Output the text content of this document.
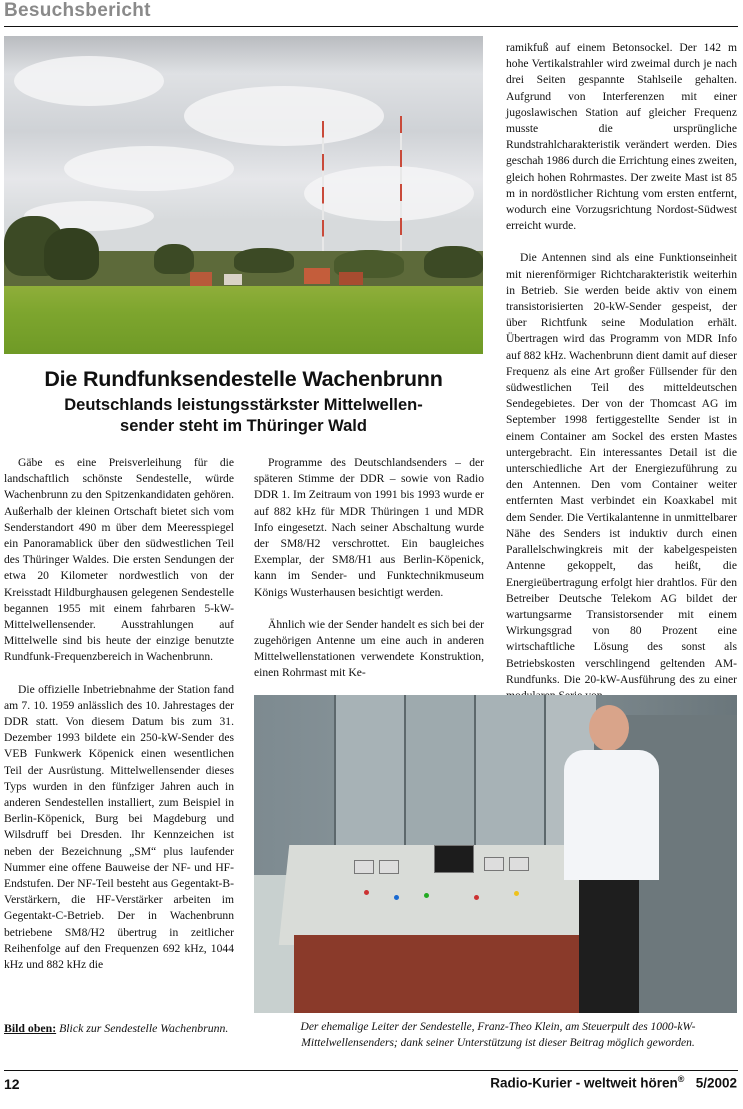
Besuchsbericht
Die Rundfunksendestelle Wachenbrunn
Deutschlands leistungsstärkster Mittelwellen-
sender steht im Thüringer Wald

Gäbe es eine Preisverleihung für die landschaftlich schönste Sendestelle, würde Wachenbrunn zu den Spitzenkandidaten gehören. Außerhalb der kleinen Ortschaft bietet sich vom Senderstandort 490 m über dem Meeresspiegel ein Panoramablick über den südwestlichen Teil des Thüringer Waldes. Die ersten Sendungen der etwa 20 Kilometer nordwestlich von der Kreisstadt Hildburghausen gelegenen Sendestelle begannen 1955 mit einem fahrbaren 5-kW-Mittelwellensender. Ausstrahlungen auf Mittelwelle sind bis heute der einzige benutzte Rundfunk-Frequenzbereich in Wachenbrunn.

Die offizielle Inbetriebnahme der Station fand am 7. 10. 1959 anlässlich des 10. Jahrestages der DDR statt. Von diesem Datum bis zum 31. Dezember 1993 bildete ein 250-kW-Sender des VEB Funkwerk Köpenick einen wesentlichen Teil der Ausrüstung. Mittelwellensender dieses Typs wurden in den fünfziger Jahren auch in anderen Sendestellen installiert, zum Beispiel in Berlin-Köpenick, Burg bei Magdeburg und Wilsdruff bei Dresden. Ihr Kennzeichen ist neben der Bezeichnung „SM“ plus laufender Nummer eine offene Bauweise der NF- und HF-Endstufen. Der NF-Teil besteht aus Gegentakt-B-Verstärkern, die HF-Verstärker arbeiten im Gegentakt-C-Betrieb. Der in Wachenbrunn betriebene SM8/H2 übertrug in zeitlicher Reihenfolge auf den Frequenzen 692 kHz, 1044 kHz und 882 kHz die

Programme des Deutschlandsenders – der späteren Stimme der DDR – sowie von Radio DDR 1. Im Zeitraum von 1991 bis 1993 wurde er auf 882 kHz für MDR Thüringen 1 und MDR Info eingesetzt. Nach seiner Abschaltung wurde der SM8/H2 verschrottet. Ein baugleiches Exemplar, der SM8/H1 aus Berlin-Köpenick, kann im Sender- und Funktechnikmuseum Königs Wusterhausen besichtigt werden.

Ähnlich wie der Sender handelt es sich bei der zugehörigen Antenne um eine auch in anderen Mittelwellenstationen verwendete Konstruktion, einen Rohrmast mit Ke-

ramikfuß auf einem Betonsockel. Der 142 m hohe Vertikalstrahler wird zweimal durch je nach drei Seiten gespannte Stahlseile gehalten. Aufgrund von Interferenzen mit einer jugoslawischen Station auf gleicher Frequenz musste die ursprüngliche Rundstrahlcharakteristik verändert werden. Dies geschah 1986 durch die Errichtung eines zweiten, gleich hohen Rohrmastes. Der zweite Mast ist 85 m in nordöstlicher Richtung vom ersten entfernt, wodurch eine Vorzugsrichtung Nordost-Südwest erreicht wurde.

Die Antennen sind als eine Funktionseinheit mit nierenförmiger Richtcharakteristik weiterhin in Betrieb. Sie werden beide aktiv von einem transistorisierten 20-kW-Sender gespeist, der über Richtfunk seine Modulation erhält. Übertragen wird das Programm von MDR Info auf 882 kHz. Wachenbrunn dient damit auf dieser Frequenz als eine Art großer Füllsender für den südwestlichen Teil des mitteldeutschen Sendegebietes. Der von der Thomcast AG im September 1998 fertiggestellte Sender ist in einem Container am Sockel des ersten Mastes untergebracht. Ein interessantes Detail ist die unterschiedliche Art der Energiezuführung zu den Antennen. Den vom Container weiter entfernten Mast verbindet ein Koaxkabel mit dem Sender. Die Vertikalantenne in unmittelbarer Nähe des Senders ist induktiv durch einen Parallelschwingkreis mit der kabelgespeisten Antenne gekoppelt, das heißt, die Energieübertragung erfolgt hier drahtlos. Für den Betreiber Deutsche Telekom AG bildet der wartungsarme Transistorsender mit einem Wirkungsgrad von 80 Prozent eine wirtschaftliche Lösung des sonst als Betriebskosten verschlingend geltenden AM-Rundfunks. Die 20-kW-Ausführung des zu einer

Bild oben: Blick zur Sendestelle Wachenbrunn.	Der ehemalige Leiter der Sendestelle, Franz-Theo Klein, am Steuerpult des 1000-kW-Mittelwellensenders; dank seiner Unterstützung ist dieser Beitrag möglich geworden.
12	Radio-Kurier - weltweit hören® 5/2002
